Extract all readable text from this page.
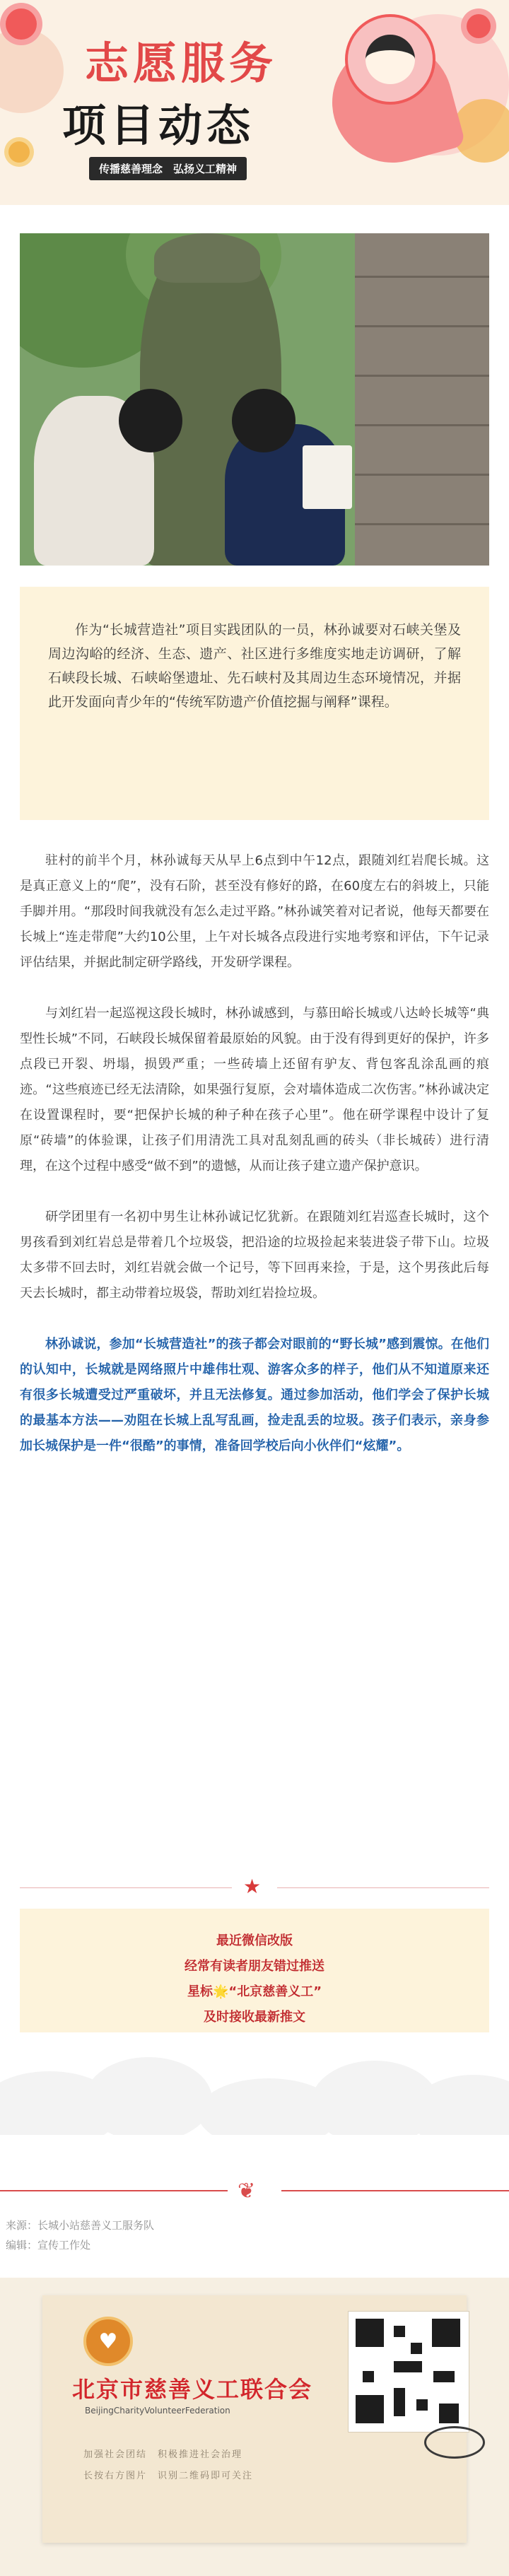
志愿服务
项目动态
传播慈善理念　弘扬义工精神

作为“长城营造社”项目实践团队的一员，林孙诚要对石峡关堡及周边沟峪的经济、生态、遗产、社区进行多维度实地走访调研，了解石峡段长城、石峡峪堡遗址、先石峡村及其周边生态环境情况，并据此开发面向青少年的“传统军防遗产价值挖掘与阐释”课程。

驻村的前半个月，林孙诚每天从早上6点到中午12点，跟随刘红岩爬长城。这是真正意义上的“爬”，没有石阶，甚至没有修好的路，在60度左右的斜坡上，只能手脚并用。“那段时间我就没有怎么走过平路。”林孙诚笑着对记者说，他每天都要在长城上“连走带爬”大约10公里，上午对长城各点段进行实地考察和评估，下午记录评估结果，并据此制定研学路线，开发研学课程。

与刘红岩一起巡视这段长城时，林孙诚感到，与慕田峪长城或八达岭长城等“典型性长城”不同，石峡段长城保留着最原始的风貌。由于没有得到更好的保护，许多点段已开裂、坍塌，损毁严重；一些砖墙上还留有驴友、背包客乱涂乱画的痕迹。“这些痕迹已经无法清除，如果强行复原，会对墙体造成二次伤害。”林孙诚决定在设置课程时，要“把保护长城的种子种在孩子心里”。他在研学课程中设计了复原“砖墙”的体验课，让孩子们用清洗工具对乱刻乱画的砖头（非长城砖）进行清理，在这个过程中感受“做不到”的遗憾，从而让孩子建立遗产保护意识。

研学团里有一名初中男生让林孙诚记忆犹新。在跟随刘红岩巡查长城时，这个男孩看到刘红岩总是带着几个垃圾袋，把沿途的垃圾捡起来装进袋子带下山。垃圾太多带不回去时，刘红岩就会做一个记号，等下回再来捡，于是，这个男孩此后每天去长城时，都主动带着垃圾袋，帮助刘红岩捡垃圾。

林孙诚说，参加“长城营造社”的孩子都会对眼前的“野长城”感到震惊。在他们的认知中，长城就是网络照片中雄伟壮观、游客众多的样子，他们从不知道原来还有很多长城遭受过严重破坏，并且无法修复。通过参加活动，他们学会了保护长城的最基本方法——劝阻在长城上乱写乱画，捡走乱丢的垃圾。孩子们表示，亲身参加长城保护是一件“很酷”的事情，准备回学校后向小伙伴们“炫耀”。

★
最近微信改版
经常有读者朋友错过推送
星标🌟“北京慈善义工”
及时接收最新推文
❦
来源：长城小站慈善义工服务队
编辑：宣传工作处
♥
北京市慈善义工联合会
BeijingCharityVolunteerFederation
加强社会团结　积极推进社会治理
长按右方图片　识别二维码即可关注
